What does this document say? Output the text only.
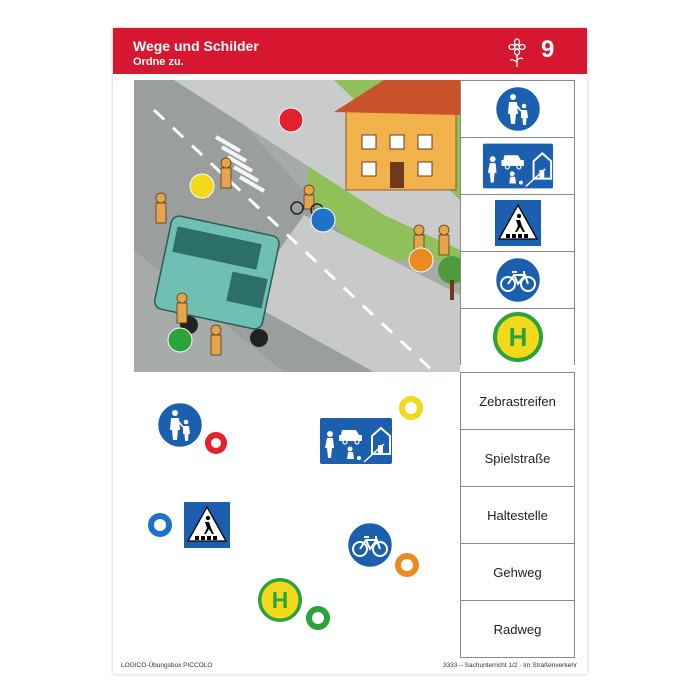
Wege und Schilder
Ordne zu.	9
Zebrastreifen
Spielstraße
Haltestelle
Gehweg
Radweg
LOGICO-Übungsbox PICCOLO	3333 – Sachunterricht 1/2 · Im Straßenverkehr
